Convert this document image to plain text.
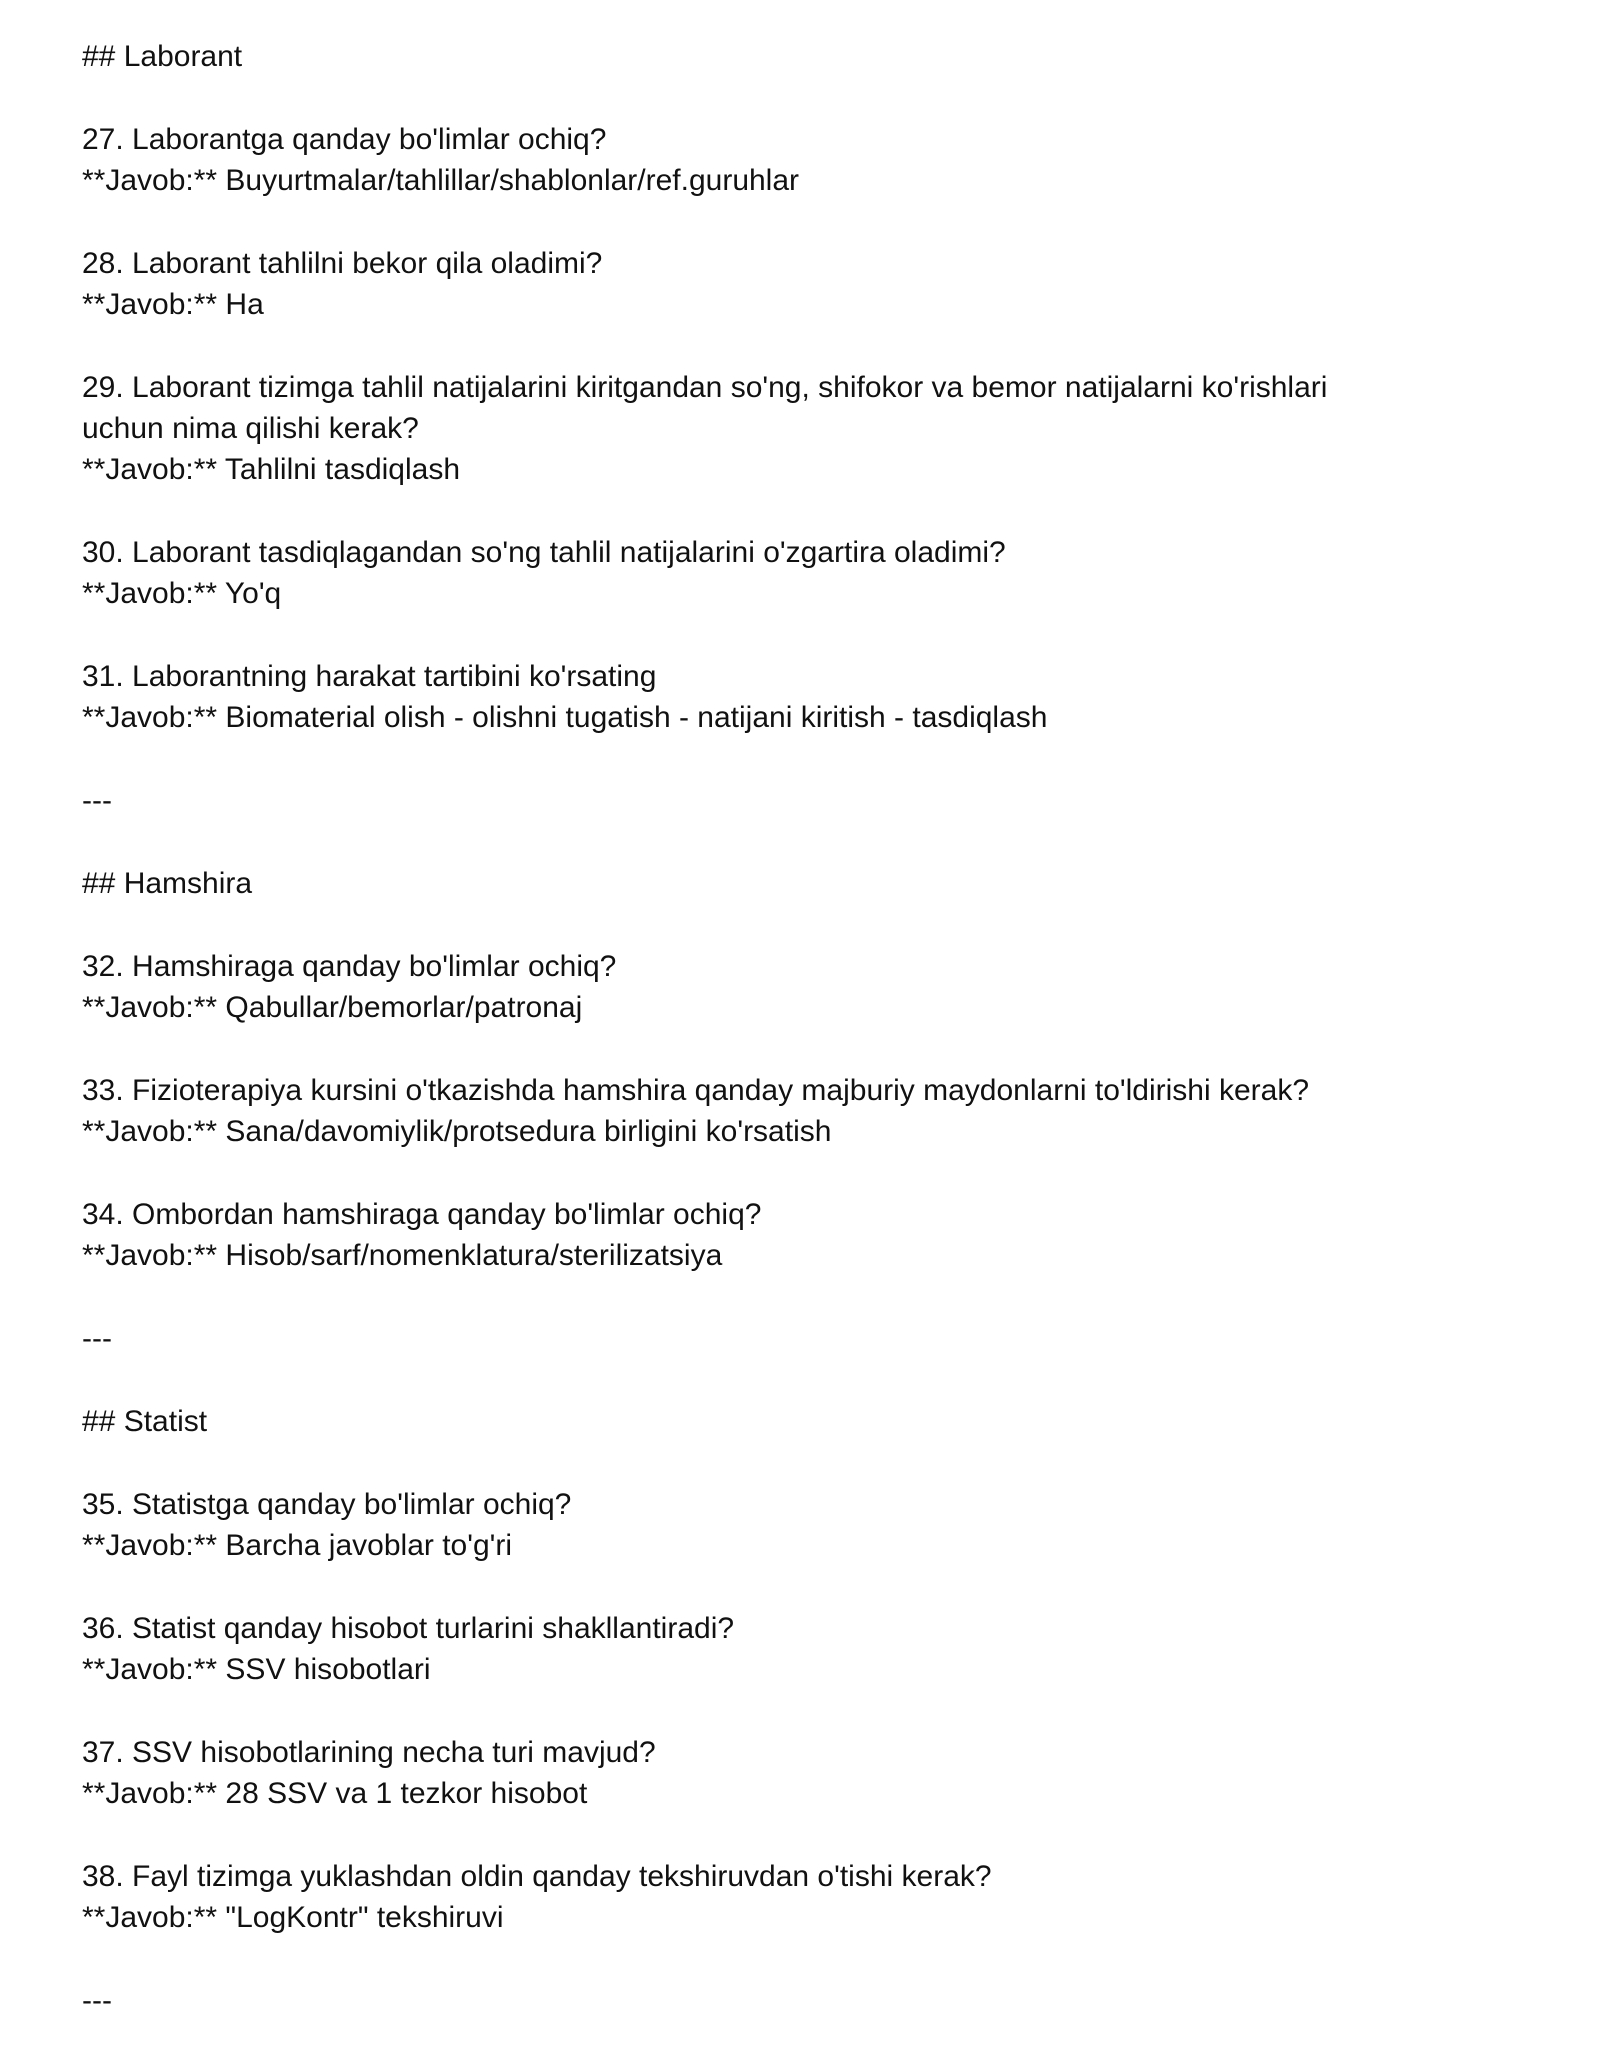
## Laborant
27. Laborantga qanday bo'limlar ochiq?
**Javob:** Buyurtmalar/tahlillar/shablonlar/ref.guruhlar
28. Laborant tahlilni bekor qila oladimi?
**Javob:** Ha
29. Laborant tizimga tahlil natijalarini kiritgandan so'ng, shifokor va bemor natijalarni ko'rishlari uchun nima qilishi kerak?
**Javob:** Tahlilni tasdiqlash
30. Laborant tasdiqlagandan so'ng tahlil natijalarini o'zgartira oladimi?
**Javob:** Yo'q
31. Laborantning harakat tartibini ko'rsating
**Javob:** Biomaterial olish - olishni tugatish - natijani kiritish - tasdiqlash
---
## Hamshira
32. Hamshiraga qanday bo'limlar ochiq?
**Javob:** Qabullar/bemorlar/patronaj
33. Fizioterapiya kursini o'tkazishda hamshira qanday majburiy maydonlarni to'ldirishi kerak?
**Javob:** Sana/davomiylik/protsedura birligini ko'rsatish
34. Ombordan hamshiraga qanday bo'limlar ochiq?
**Javob:** Hisob/sarf/nomenklatura/sterilizatsiya
---
## Statist
35. Statistga qanday bo'limlar ochiq?
**Javob:** Barcha javoblar to'g'ri
36. Statist qanday hisobot turlarini shakllantiradi?
**Javob:** SSV hisobotlari
37. SSV hisobotlarining necha turi mavjud?
**Javob:** 28 SSV va 1 tezkor hisobot
38. Fayl tizimga yuklashdan oldin qanday tekshiruvdan o'tishi kerak?
**Javob:** "LogKontr" tekshiruvi
---
